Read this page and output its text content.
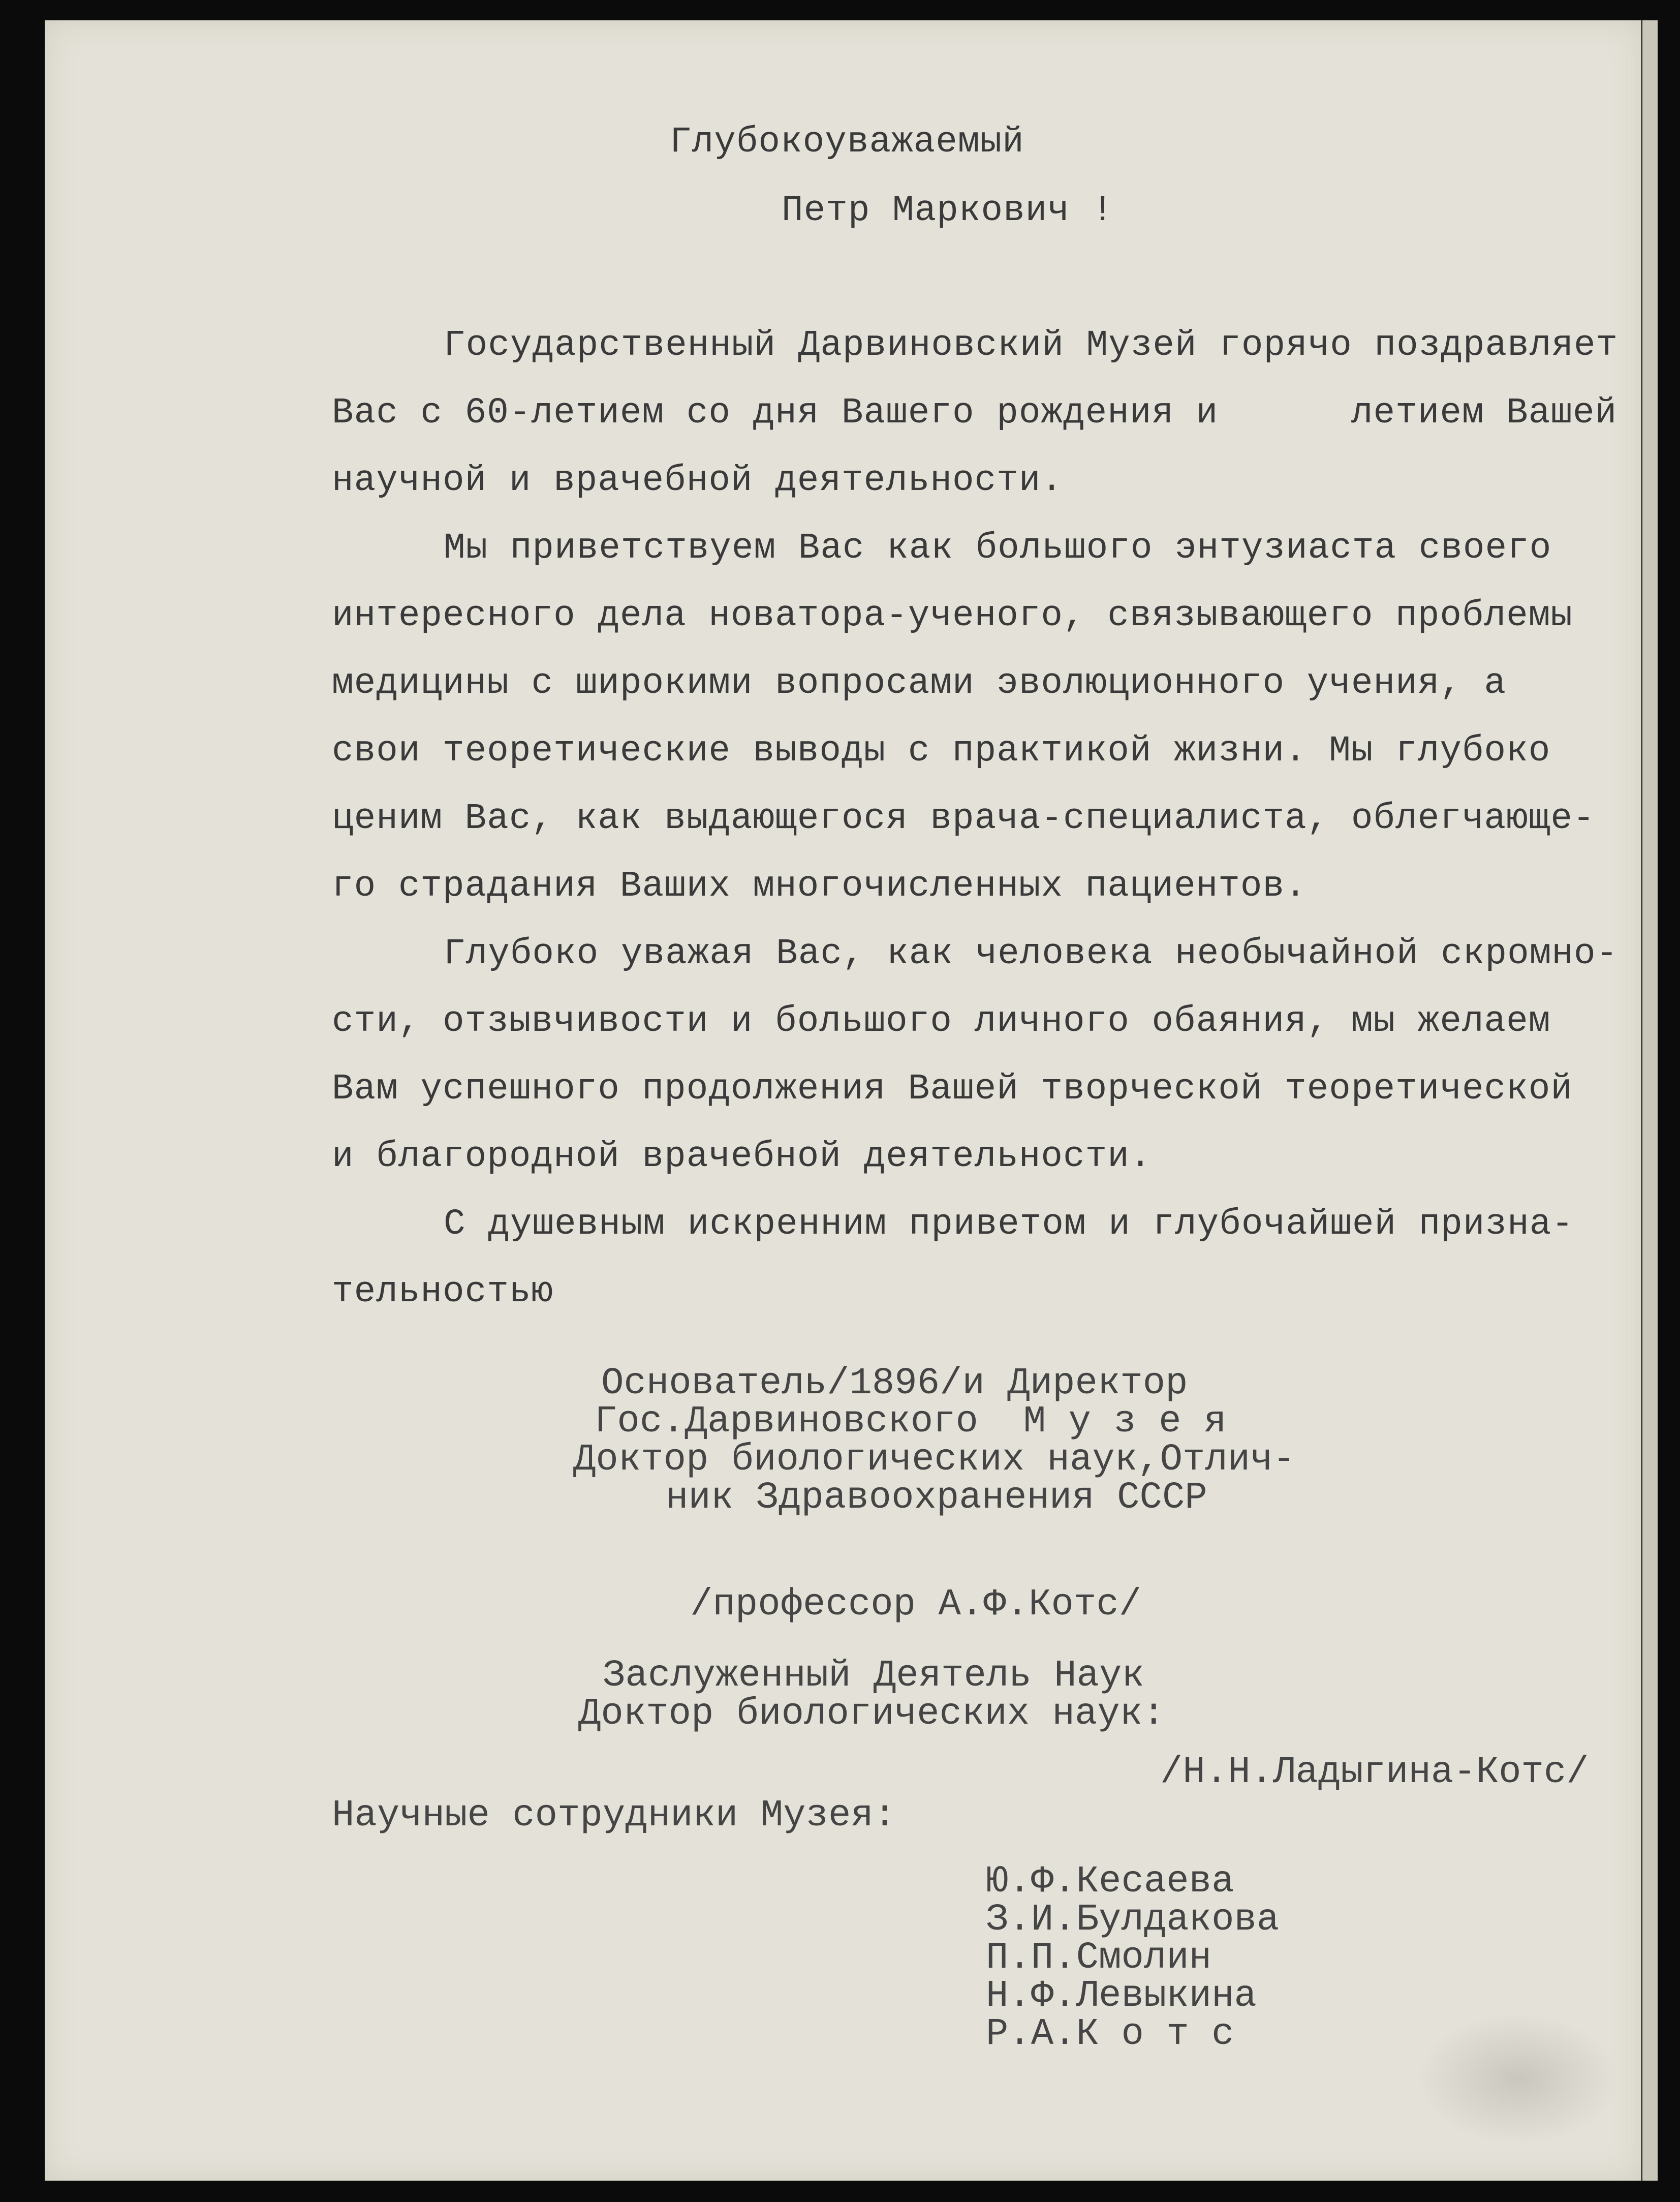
Глубокоуважаемый

Петр Маркович !

Государственный Дарвиновский Музей горячо поздравляет

Вас с 60-летием со дня Вашего рождения и      летием Вашей

научной и врачебной деятельности.

Мы приветствуем Вас как большого энтузиаста своего

интересного дела новатора-ученого, связывающего проблемы

медицины с широкими вопросами эволюционного учения, а

свои теоретические выводы с практикой жизни. Мы глубоко

ценим Вас, как выдающегося врача-специалиста, облегчающе-

го страдания Ваших многочисленных пациентов.

Глубоко уважая Вас, как человека необычайной скромно-

сти, отзывчивости и большого личного обаяния, мы желаем

Вам успешного продолжения Вашей творческой теоретической

и благородной врачебной деятельности.

С душевным искренним приветом и глубочайшей призна-

тельностью

Основатель/1896/и Директор

Гос.Дарвиновского  М у з е я

Доктор биологических наук,Отлич-

ник Здравоохранения СССР

/профессор А.Ф.Котс/

Заслуженный Деятель Наук

Доктор биологических наук:

/Н.Н.Ладыгина-Котс/

Научные сотрудники Музея:

Ю.Ф.Кесаева

З.И.Булдакова

П.П.Смолин

Н.Ф.Левыкина

Р.А.К о т с
